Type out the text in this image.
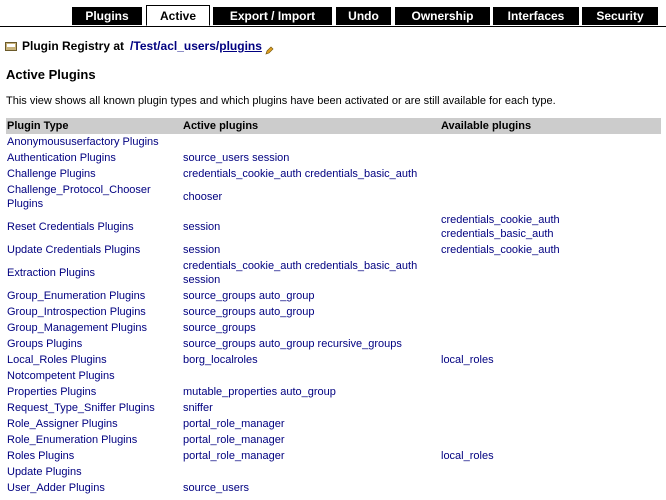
Plugins	Active	Export / Import	Undo	Ownership	Interfaces	Security
Plugin Registry at / Test / acl_users / plugins
Active Plugins
This view shows all known plugin types and which plugins have been activated or are still available for each type.
Plugin Type	Active plugins	Available plugins
Anonymoususerfactory Plugins		
Authentication Plugins	source_users session	

Challenge Plugins	credentials_cookie_auth credentials_basic_auth	

Challenge_Protocol_Chooser Plugins	chooser	

Reset Credentials Plugins	session	credentials_cookie_auth
credentials_basic_auth

Update Credentials Plugins	session	credentials_cookie_auth

Extraction Plugins	credentials_cookie_auth credentials_basic_auth
session	

Group_Enumeration Plugins	source_groups auto_group	

Group_Introspection Plugins	source_groups auto_group	

Group_Management Plugins	source_groups	

Groups Plugins	source_groups auto_group recursive_groups	

Local_Roles Plugins	borg_localroles	local_roles

Notcompetent Plugins		
Properties Plugins	mutable_properties auto_group	

Request_Type_Sniffer Plugins	sniffer	

Role_Assigner Plugins	portal_role_manager	

Role_Enumeration Plugins	portal_role_manager	

Roles Plugins	portal_role_manager	local_roles

Update Plugins		
User_Adder Plugins	source_users	
